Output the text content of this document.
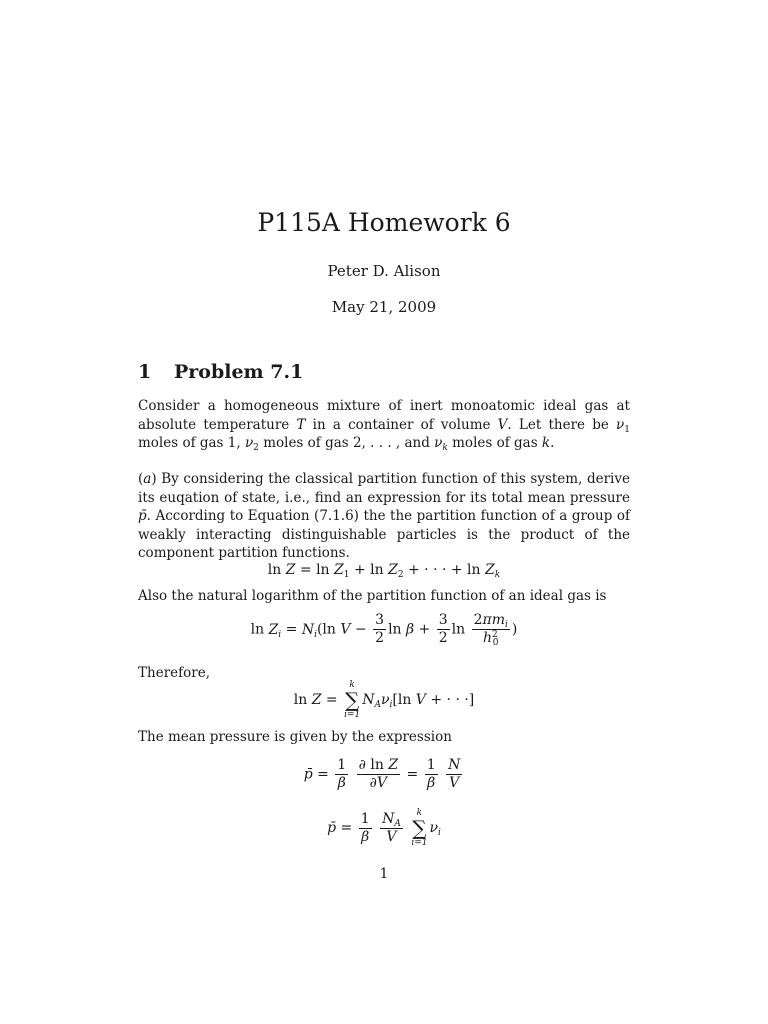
P115A Homework 6
Peter D. Alison
May 21, 2009
1 Problem 7.1
Consider a homogeneous mixture of inert monoatomic ideal gas at absolute temperature T in a container of volume V. Let there be $\nu_1$ moles of gas 1, $\nu_2$ moles of gas 2, . . . , and $\nu_k$ moles of gas k.
(a) By considering the classical partition function of this system, derive its euqation of state, i.e., find an expression for its total mean pressure p̄. According to Equation (7.1.6) the the partition function of a group of weakly interacting distinguishable particles is the product of the component partition functions.
$\ln Z = \ln Z_1 + \ln Z_2$ + · · · + $\ln Z_k$
Also the natural logarithm of the partition function of an ideal gas is
$\ln Z_i = N_i(\ln$ $V - \frac{3}{2}$ $\ln \beta + \frac{3}{2}$ $\ln \frac{2\pi m_i}{h^2_0}$ )
Therefore,
ln Z =
k
∑
i=1
$N_A\nu_i[\ln$ V + · · ·]
The mean pressure is given by the expression
p̄ = $\frac{1}{\beta}$
$\frac{\text{∂ ln Z}}{\partial V} = \frac{1}{\beta}$
$\frac{N}{V}$
p̄ = $\frac{1}{\beta}$
$\frac{N_A}{V}$
k
∑
i=1
$\nu_i$
1
